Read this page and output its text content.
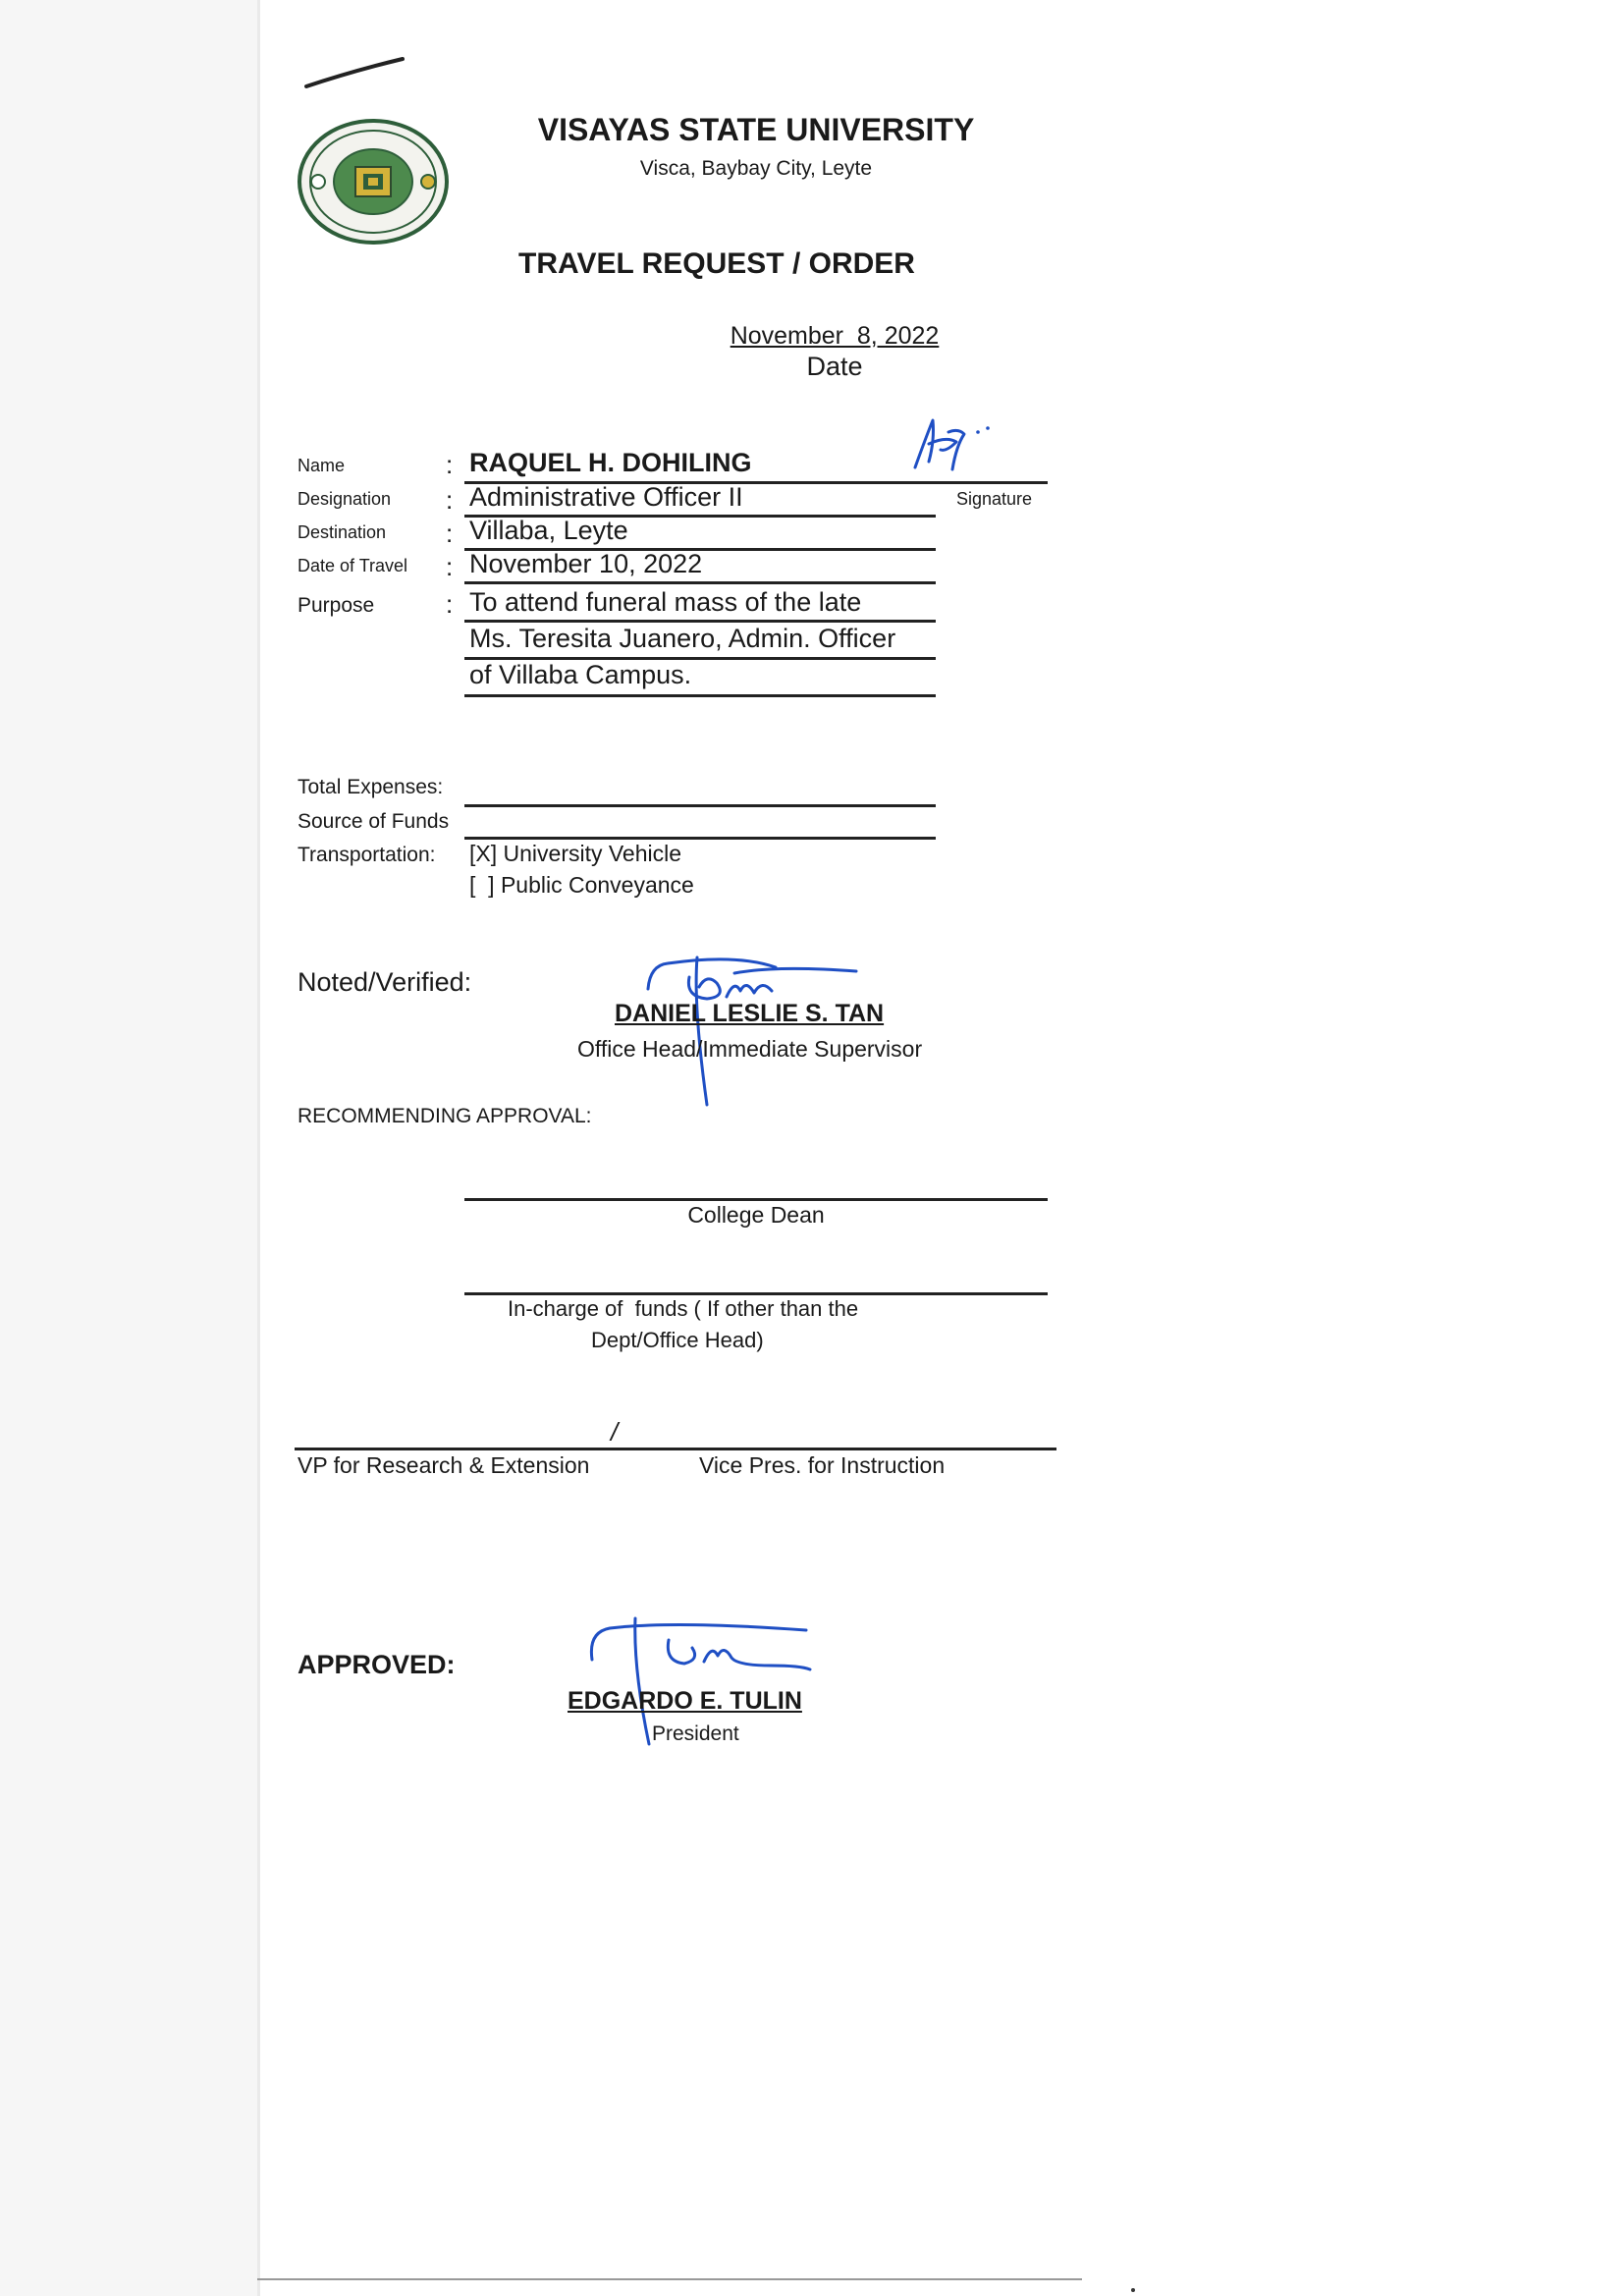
VISAYAS STATE UNIVERSITY
Visca, Baybay City, Leyte
TRAVEL REQUEST / ORDER
November  8, 2022
Date
Name	: RAQUEL H. DOHILING
Signature
Designation : Administrative Officer II
Destination : Villaba, Leyte
Date of Travel : November 10, 2022
Purpose	: To attend funeral mass of the late
Ms. Teresita Juanero, Admin. Officer
of Villaba Campus.
Total Expenses:
Source of Funds
Transportation: [X] University Vehicle
[  ] Public Conveyance
Noted/Verified:
DANIEL LESLIE S. TAN
Office Head/Immediate Supervisor
RECOMMENDING APPROVAL:
College Dean
In-charge of  funds ( If other than the
Dept/Office Head)
/
VP for Research & Extension	Vice Pres. for Instruction
APPROVED:
EDGARDO E. TULIN
President
